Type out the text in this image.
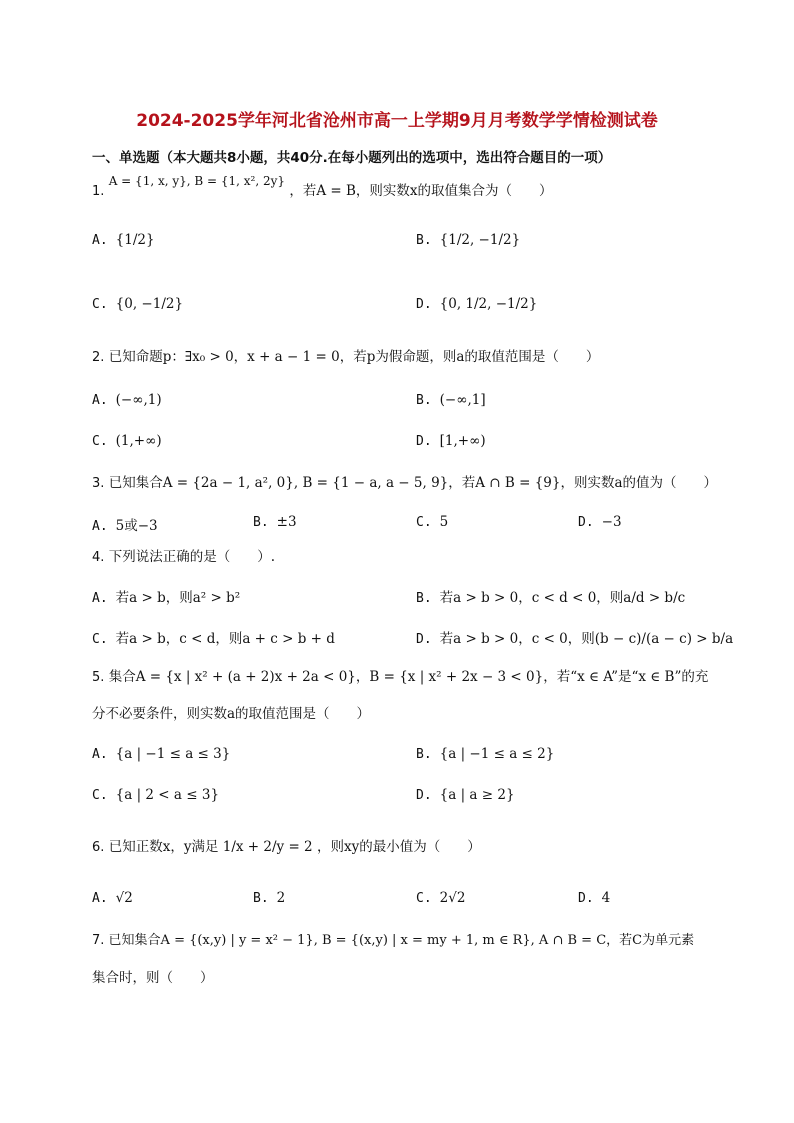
2024-2025学年河北省沧州市高一上学期9月月考数学学情检测试卷
一、单选题（本大题共8小题，共40分.在每小题列出的选项中，选出符合题目的一项）
1. A = {1, x, y}, B = {1, x², 2y} ，若A = B，则实数x的取值集合为（　　）
A. {1/2}	B. {1/2, −1/2}
C. {0, −1/2}	D. {0, 1/2, −1/2}
2. 已知命题p：∃x₀ > 0，x + a − 1 = 0，若p为假命题，则a的取值范围是（　　）
A. (−∞,1)	B. (−∞,1]
C. (1,+∞)	D. [1,+∞)
3. 已知集合A = {2a − 1, a², 0}, B = {1 − a, a − 5, 9}，若A ∩ B = {9}，则实数a的值为（　　）
A. 5或−3	B. ±3	C. 5	D. −3
4. 下列说法正确的是（　　）.
A. 若a > b，则a² > b²	B. 若a > b > 0，c < d < 0，则a/d > b/c
C. 若a > b，c < d，则a + c > b + d	D. 若a > b > 0，c < 0，则(b − c)/(a − c) > b/a
5. 集合A = {x | x² + (a + 2)x + 2a < 0}，B = {x | x² + 2x − 3 < 0}，若“x ∈ A”是“x ∈ B”的充
分不必要条件，则实数a的取值范围是（　　）
A. {a | −1 ≤ a ≤ 3}	B. {a | −1 ≤ a ≤ 2}
C. {a | 2 < a ≤ 3}	D. {a | a ≥ 2}
6. 已知正数x，y满足 1/x + 2/y = 2 ，则xy的最小值为（　　）
A. √2	B. 2	C. 2√2	D. 4
7. 已知集合A = {(x,y) | y = x² − 1}, B = {(x,y) | x = my + 1, m ∈ R}, A ∩ B = C，若C为单元素
集合时，则（　　）
